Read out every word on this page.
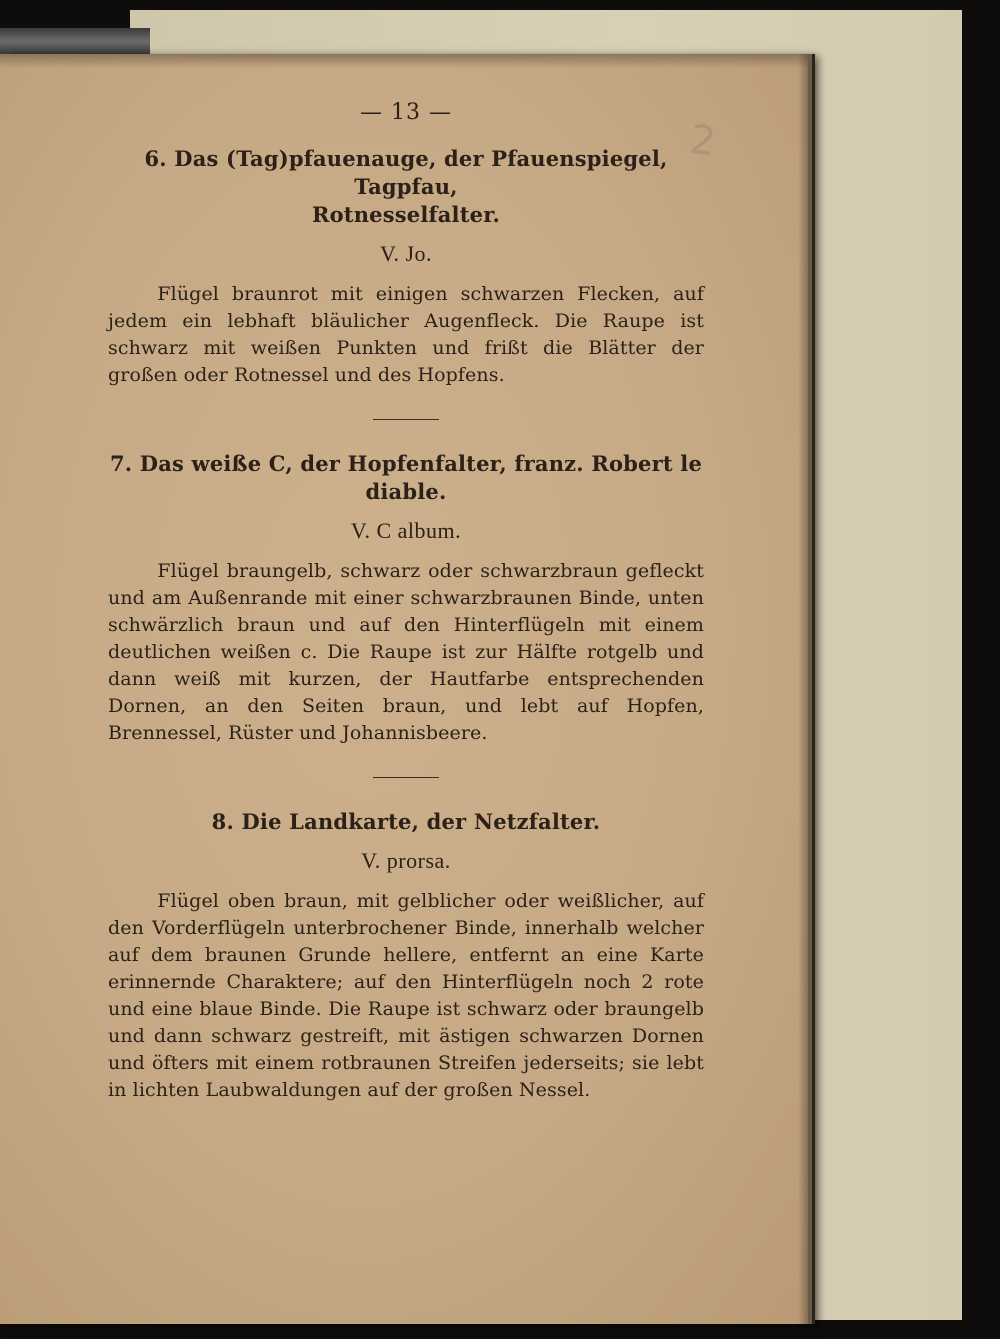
2
— 13 —

6. Das (Tag)pfauenauge, der Pfauenspiegel, Tagpfau,

Rotnesselfalter.

V. Jo.

Flügel braunrot mit einigen schwarzen Flecken, auf jedem ein lebhaft bläulicher Augenfleck. Die Raupe ist schwarz mit weißen Punkten und frißt die Blätter der großen oder Rotnessel und des Hopfens.

7. Das weiße C, der Hopfenfalter, franz. Robert le diable.

V. C album.

Flügel braungelb, schwarz oder schwarzbraun gefleckt und am Außenrande mit einer schwarzbraunen Binde, unten schwärzlich braun und auf den Hinterflügeln mit einem deutlichen weißen c. Die Raupe ist zur Hälfte rotgelb und dann weiß mit kurzen, der Hautfarbe entsprechenden Dornen, an den Seiten braun, und lebt auf Hopfen, Brennessel, Rüster und Johannisbeere.

8. Die Landkarte, der Netzfalter.

V. prorsa.

Flügel oben braun, mit gelblicher oder weißlicher, auf den Vorderflügeln unterbrochener Binde, innerhalb welcher auf dem braunen Grunde hellere, entfernt an eine Karte erinnernde Charaktere; auf den Hinterflügeln noch 2 rote und eine blaue Binde. Die Raupe ist schwarz oder braungelb und dann schwarz gestreift, mit ästigen schwarzen Dornen und öfters mit einem rotbraunen Streifen jederseits; sie lebt in lichten Laubwaldungen auf der großen Nessel.
